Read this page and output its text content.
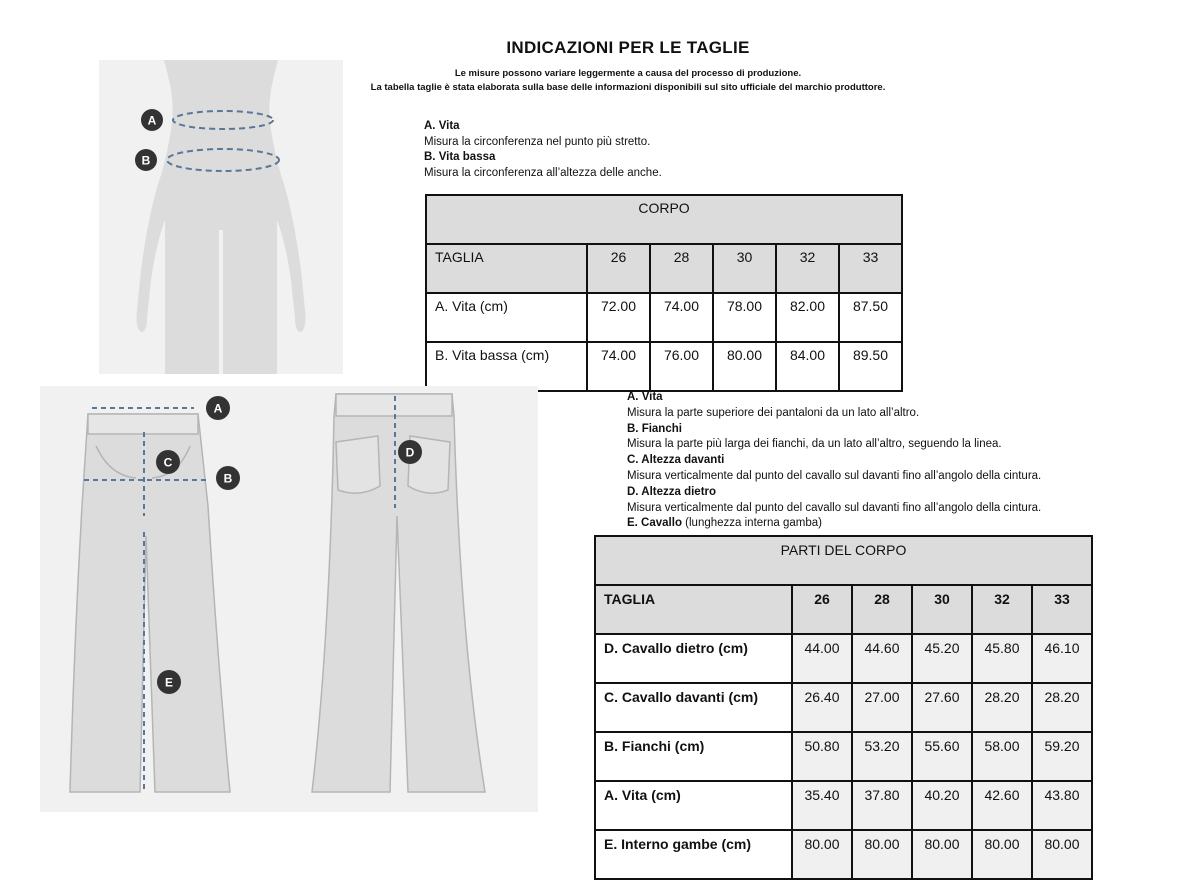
INDICAZIONI PER LE TAGLIE
Le misure possono variare leggermente a causa del processo di produzione.
La tabella taglie è stata elaborata sulla base delle informazioni disponibili sul sito ufficiale del marchio produttore.
A
B
A. Vita
Misura la circonferenza nel punto più stretto.
B. Vita bassa
Misura la circonferenza all’altezza delle anche.
CORPO					
TAGLIA	26	28	30	32	33
A. Vita (cm)	72.00	74.00	78.00	82.00	87.50
B. Vita bassa (cm)	74.00	76.00	80.00	84.00	89.50
A
B
C
D
E
A. Vita
Misura la parte superiore dei pantaloni da un lato all’altro.
B. Fianchi
Misura la parte più larga dei fianchi, da un lato all’altro, seguendo la linea.
C. Altezza davanti
Misura verticalmente dal punto del cavallo sul davanti fino all’angolo della cintura.
D. Altezza dietro
Misura verticalmente dal punto del cavallo sul davanti fino all’angolo della cintura.
E. Cavallo (lunghezza interna gamba)
PARTI DEL CORPO					
TAGLIA	26	28	30	32	33
D. Cavallo dietro (cm)	44.00	44.60	45.20	45.80	46.10
C. Cavallo davanti (cm)	26.40	27.00	27.60	28.20	28.20
B. Fianchi (cm)	50.80	53.20	55.60	58.00	59.20
A. Vita (cm)	35.40	37.80	40.20	42.60	43.80
E. Interno gambe (cm)	80.00	80.00	80.00	80.00	80.00
